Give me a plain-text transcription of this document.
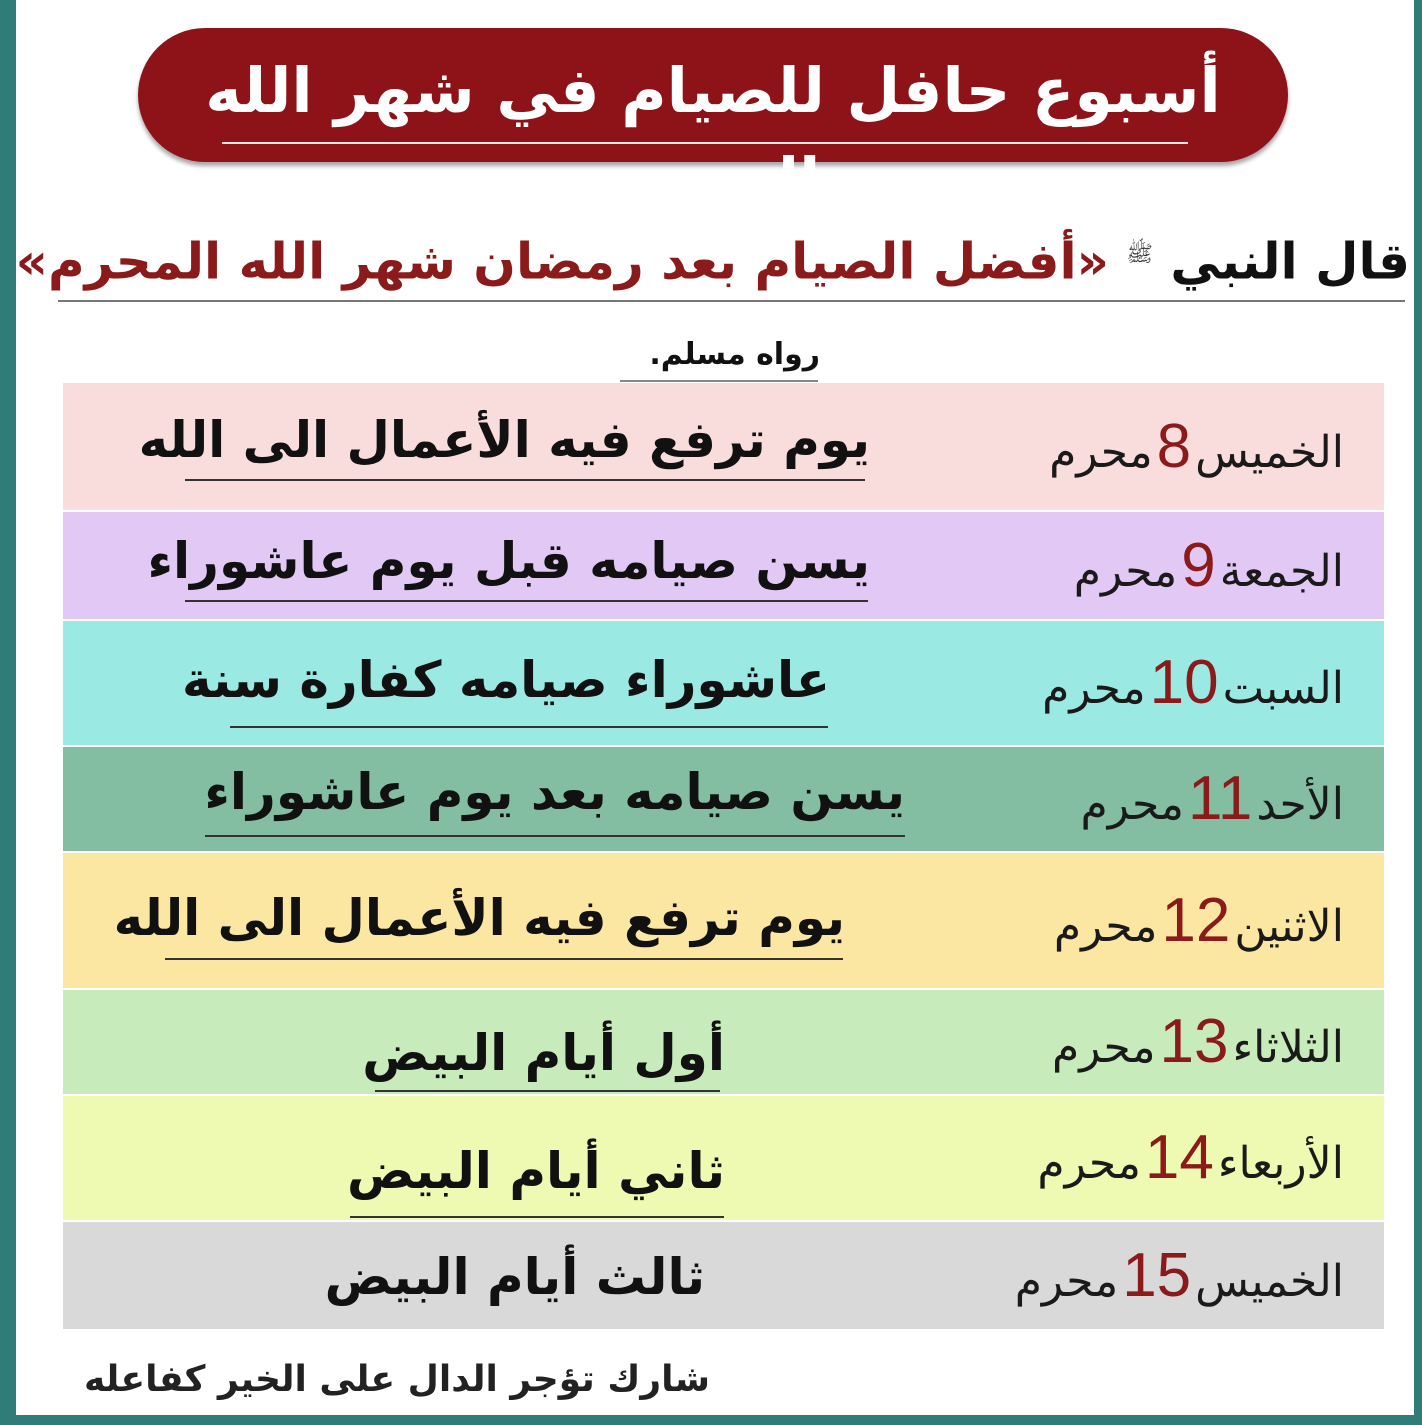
أسبوع حافل للصيام في شهر الله المحرم
قال النبي $^ﷺ$ «أفضل الصيام بعد رمضان شهر الله المحرم»
رواه مسلم.
الخميس8محرم
يوم ترفع فيه الأعمال الى الله
الجمعة9محرم
يسن صيامه قبل يوم عاشوراء
السبت10محرم
عاشوراء صيامه كفارة سنة
الأحد11محرم
يسن صيامه بعد يوم عاشوراء
الاثنين12محرم
يوم ترفع فيه الأعمال الى الله
الثلاثاء13محرم
أول أيام البيض
الأربعاء14محرم
ثاني أيام البيض
الخميس15محرم
ثالث أيام البيض
شارك تؤجر الدال على الخير كفاعله
